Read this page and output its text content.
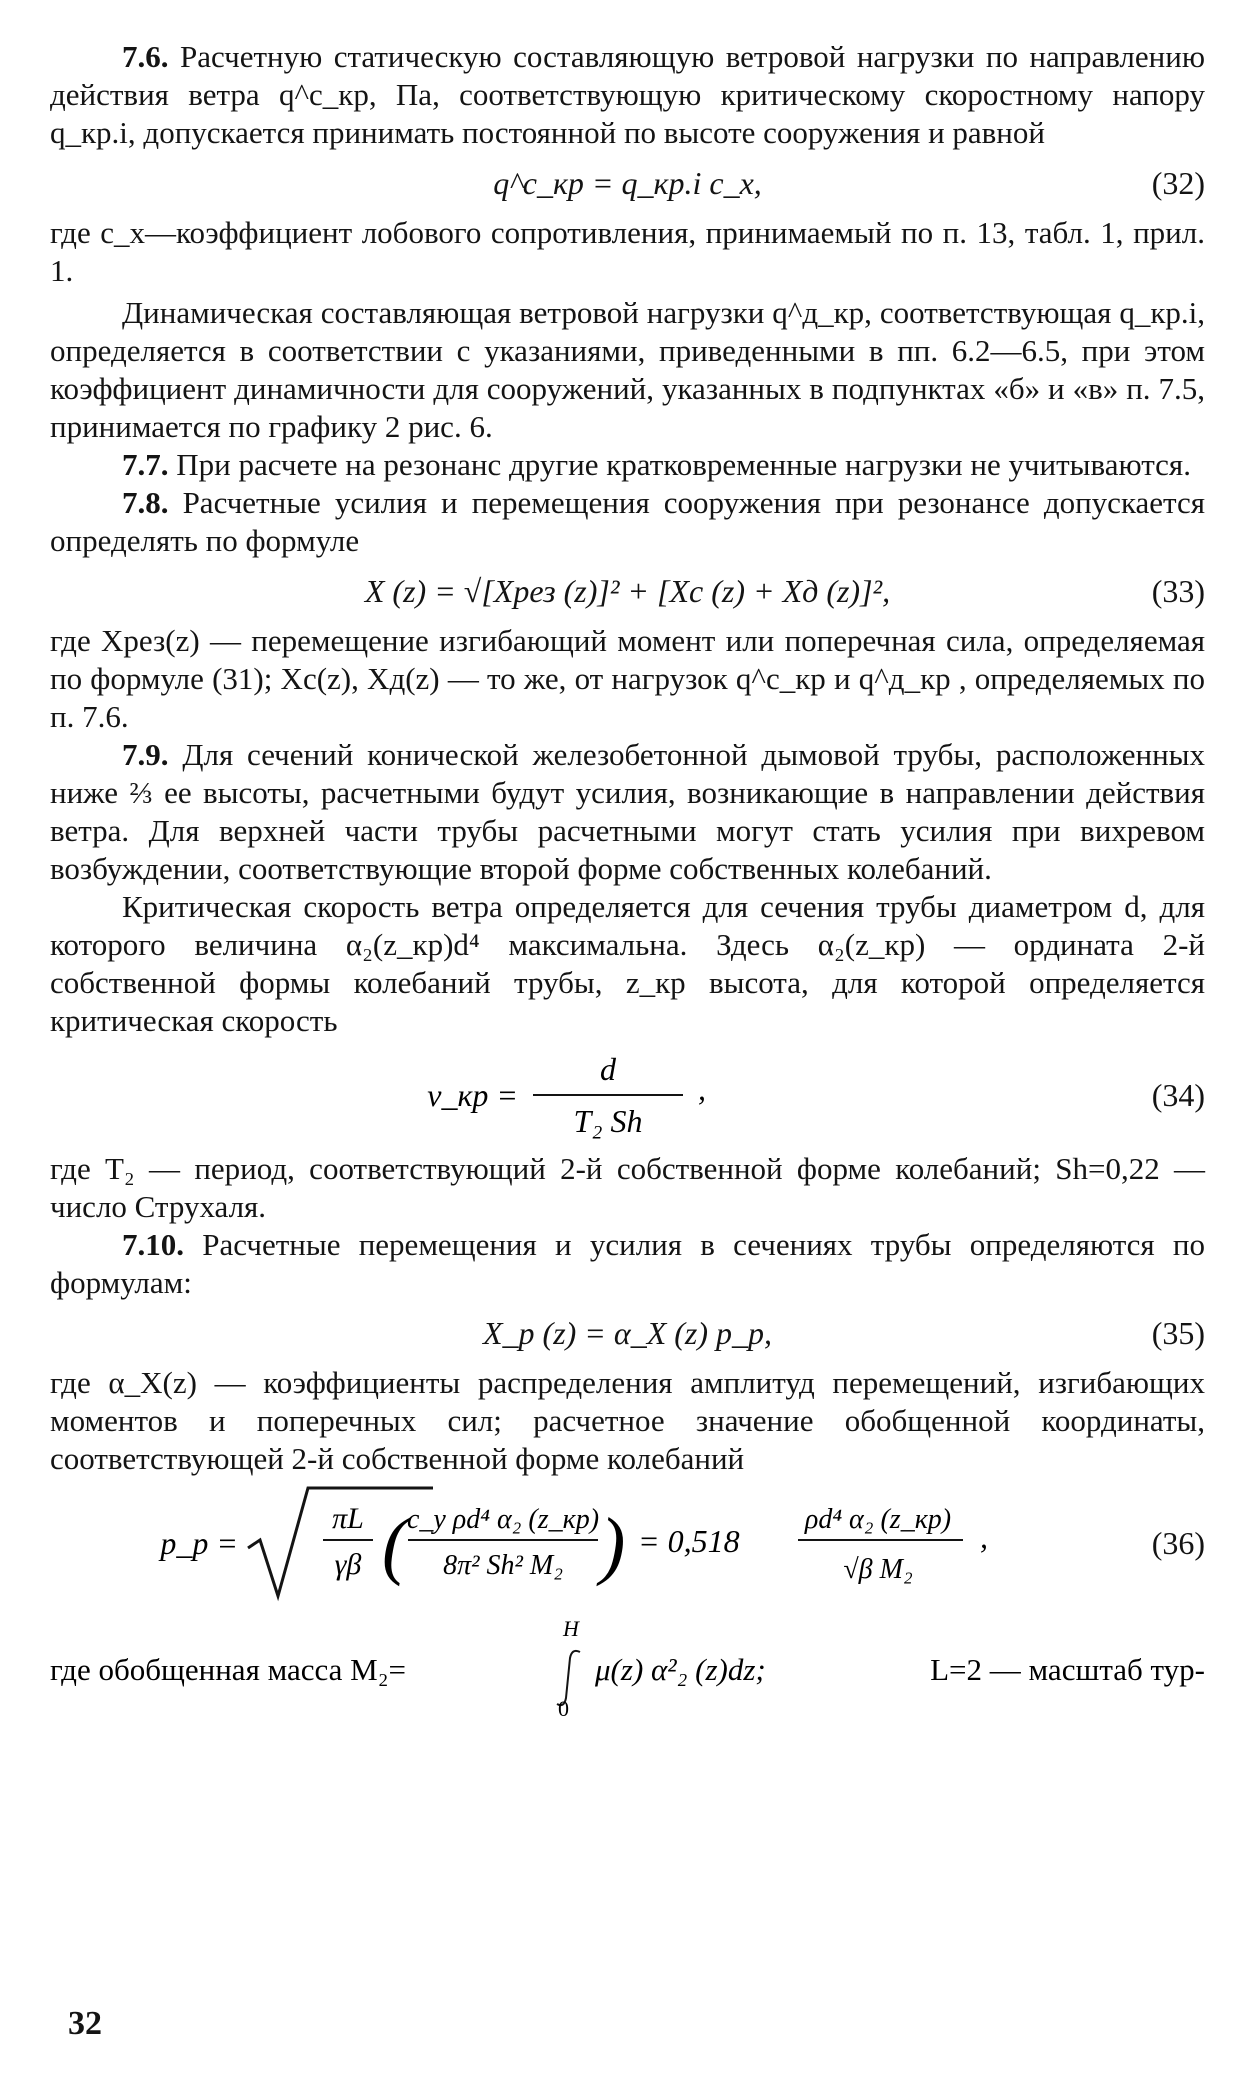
7.6. Расчетную статическую составляющую ветровой нагрузки по направлению действия ветра q^c_кр, Па, соответствующую критическому скоростному напору q_кр.i, допускается принимать постоянной по высоте сооружения и равной

q^c_кр = q_кр.i c_x,	(32)

где c_x—коэффициент лобового сопротивления, принимаемый по п. 13, табл. 1, прил. 1.

Динамическая составляющая ветровой нагрузки q^д_кр, соответствующая q_кр.i, определяется в соответствии с указаниями, приведенными в пп. 6.2—6.5, при этом коэффициент динамичности для сооружений, указанных в подпунктах «б» и «в» п. 7.5, принимается по графику 2 рис. 6.

7.7. При расчете на резонанс другие кратковременные нагрузки не учитываются.

7.8. Расчетные усилия и перемещения сооружения при резонансе допускается определять по формуле

X (z) = √[Xрез (z)]² + [Xс (z) + Xд (z)]²,	(33)

где Xрез(z) — перемещение изгибающий момент или поперечная сила, определяемая по формуле (31); Xc(z), Xд(z) — то же, от нагрузок q^c_кр и q^д_кр , определяемых по п. 7.6.

7.9. Для сечений конической железобетонной дымовой трубы, расположенных ниже ⅔ ее высоты, расчетными будут усилия, возникающие в направлении действия ветра. Для верхней части трубы расчетными могут стать усилия при вихревом возбуждении, соответствующие второй форме собственных колебаний.

Критическая скорость ветра определяется для сечения трубы диаметром d, для которого величина α₂(z_кр)d⁴ максимальна. Здесь α₂(z_кр) — ордината 2-й собственной формы колебаний трубы, z_кр высота, для которой определяется критическая скорость

v_кр =
d
T₂ Sh
,	(34)

где T₂ — период, соответствующий 2-й собственной форме колебаний; Sh=0,22 — число Струхаля.

7.10. Расчетные перемещения и усилия в сечениях трубы определяются по формулам:

X_р (z) = α_X (z) p_р,	(35)

где α_X(z) — коэффициенты распределения амплитуд перемещений, изгибающих моментов и поперечных сил; расчетное значение обобщенной координаты, соответствующей 2-й собственной форме колебаний

p_р =
πL
γβ ( c_y ρd⁴ α₂ (z_кр)
8π² Sh² M₂ ) = 0,518
ρd⁴ α₂ (z_кр)
√β M₂
,	(36)
где обобщенная масса M₂=
H
0
μ(z) α²₂ (z)dz;	L=2 — масштаб тур-
32
